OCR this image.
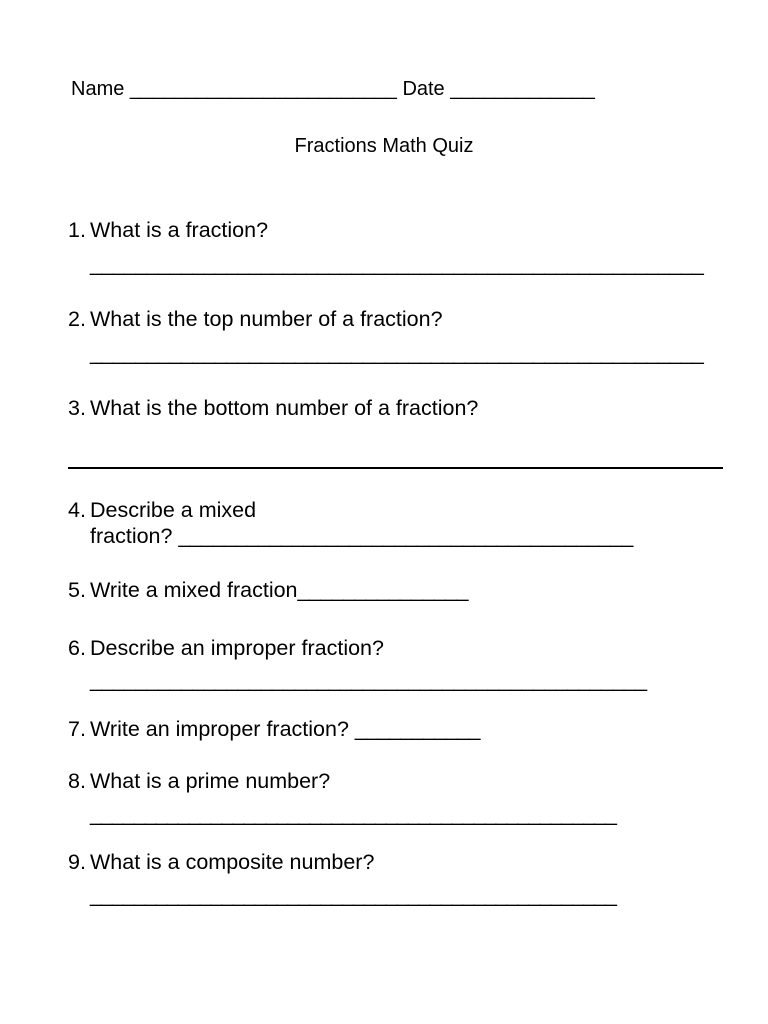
Name ________________________ Date _____________
Fractions Math Quiz
1. What is a fraction?
______________________________________________________
2. What is the top number of a fraction?
______________________________________________________
3. What is the bottom number of a fraction?
4. Describe a mixed
fraction? ________________________________________
5. Write a mixed fraction_______________
6. Describe an improper fraction?
_________________________________________________
7. Write an improper fraction? ___________
8. What is a prime number?
________________________________________________
9. What is a composite number?
________________________________________________
